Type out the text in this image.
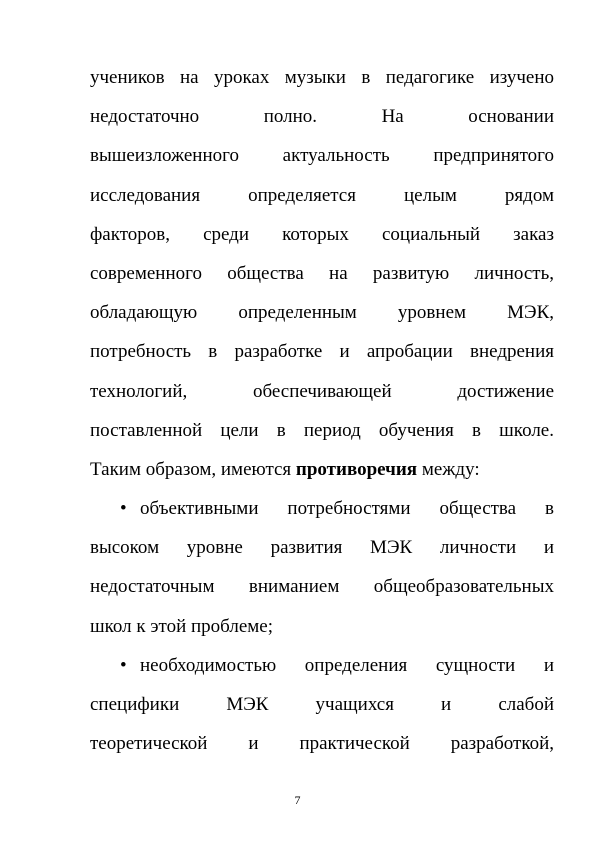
учеников на уроках музыки в педагогике изучено
недостаточно полно. На основании
вышеизложенного актуальность предпринятого
исследования определяется целым рядом
факторов, среди которых социальный заказ
современного общества на развитую личность,
обладающую определенным уровнем МЭК,
потребность в разработке и апробации внедрения
технологий, обеспечивающей достижение
поставленной цели в период обучения в школе.
Таким образом, имеются противоречия между:
• объективными потребностями общества в
высоком уровне развития МЭК личности и
недостаточным вниманием общеобразовательных
школ к этой проблеме;
• необходимостью определения сущности и
специфики МЭК учащихся и слабой
теоретической и практической разработкой,
7
